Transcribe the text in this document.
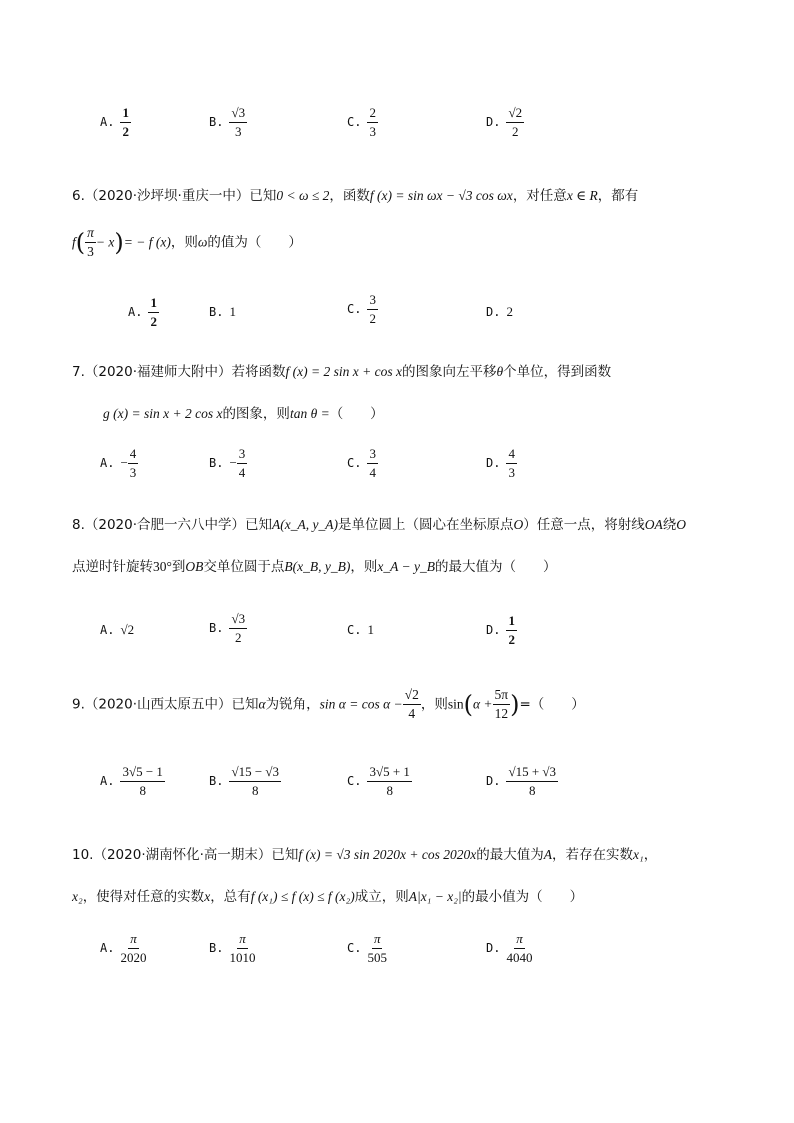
A. $\frac{1}{2}$	B. $\frac{√3}{3}$	C. $\frac{2}{3}$	D. $\frac{√2}{2}$
6.（2020·沙坪坝·重庆一中）已知0 < ω ≤ 2，函数f (x) = sin ωx − √3 cos ωx，对任意x ∈ R，都有
$f( \frac{\pi}{3} - x)= - f$ (x)，则ω的值为（　　）
A. $\frac{1}{2}$	B. 1	C. $\frac{3}{2}$	D. 2
7.（2020·福建师大附中）若将函数f (x) = 2 sin x + cos x的图象向左平移θ个单位，得到函数
g (x) = sin x + 2 cos x的图象，则tan θ =（　　）
A. − $\frac{4}{3}$	B. − $\frac{3}{4}$	C. $\frac{3}{4}$	D. $\frac{4}{3}$
8.（2020·合肥一六八中学）已知A(x_A, y_A)是单位圆上（圆心在坐标原点O）任意一点，将射线OA绕O
点逆时针旋转30°到OB交单位圆于点B(x_B, y_B)，则x_A − y_B的最大值为（　　）
A. √2	B. $\frac{√3}{2}$	C. 1	D. $\frac{1}{2}$
9.（2020·山西太原五中）已知α为锐角，$\sin \alpha = \cos \alpha - \frac{√2}{4}$ ，则$\sin(\alpha + \frac{5\pi}{12}$ )=（　　）
A. $\frac{3√5 - 1}{8}$	B. $\frac{√15 - √3}{8}$	C. $\frac{3√5 + 1}{8}$	D. $\frac{√15 + √3}{8}$
10.（2020·湖南怀化·高一期末）已知f (x) = √3 sin 2020x + cos 2020x的最大值为A，若存在实数x₁，
x₂，使得对任意的实数x，总有f (x₁) ≤ f (x) ≤ f (x₂)成立，则A|x₁ − x₂|的最小值为（　　）
A. $\frac{\pi}{2020}$	B. $\frac{\pi}{1010}$	C. $\frac{\pi}{505}$	D. $\frac{\pi}{4040}$
